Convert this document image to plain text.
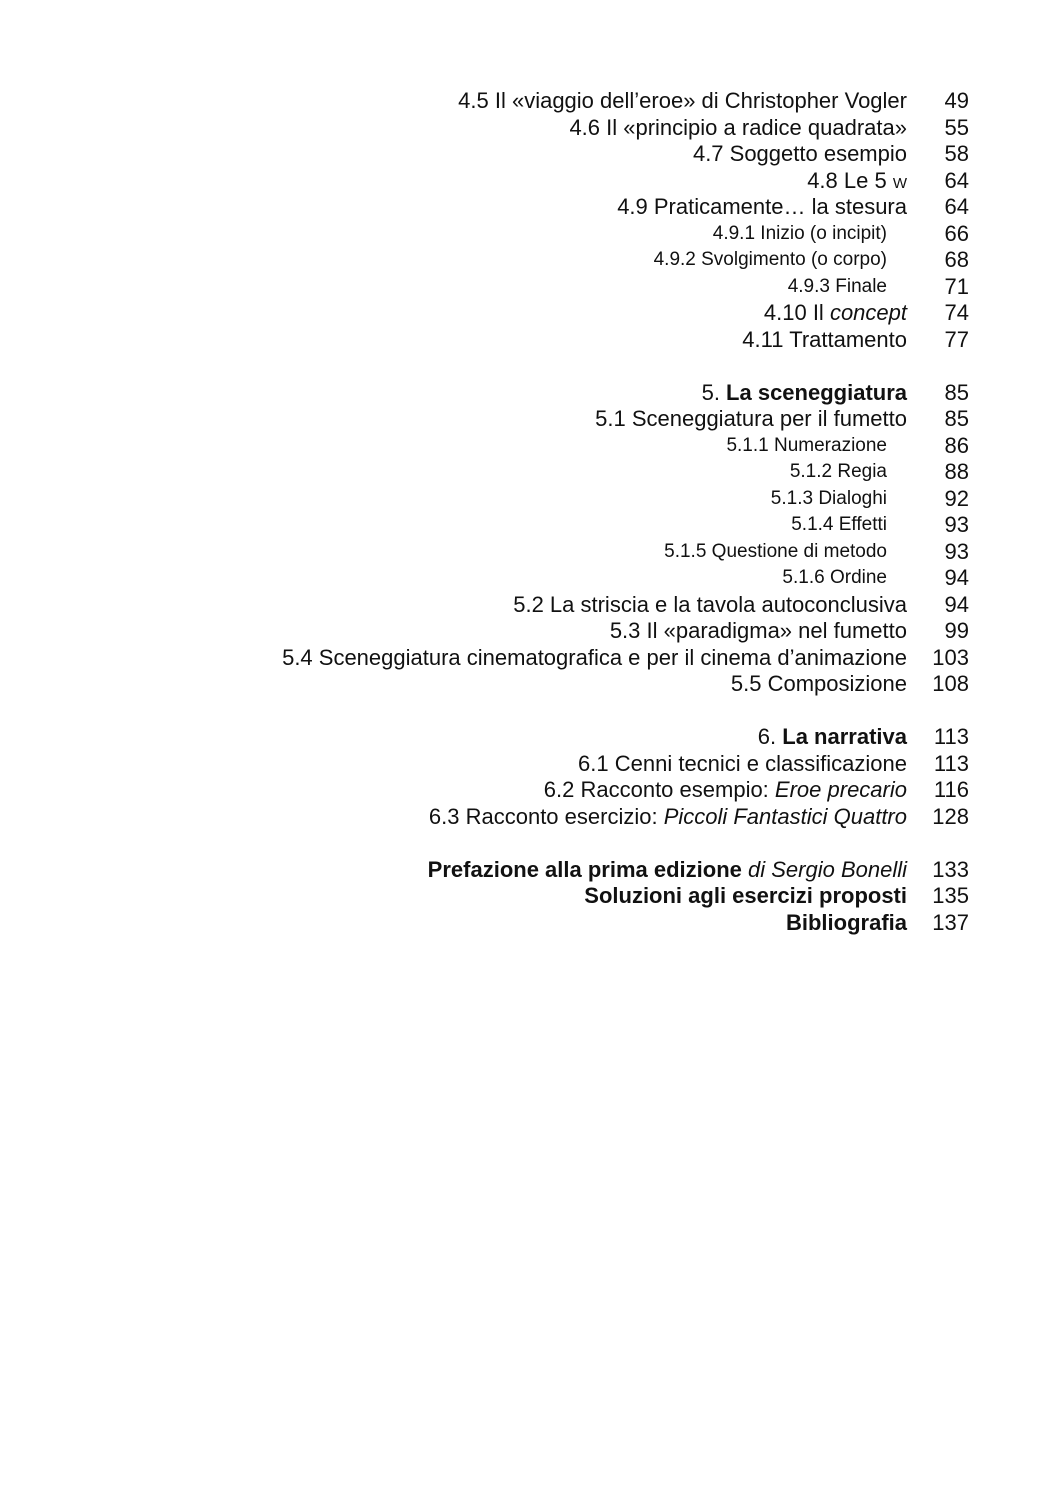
4.5 Il «viaggio dell’eroe» di Christopher Vogler 49
4.6 Il «principio a radice quadrata» 55
4.7 Soggetto esempio 58
4.8 Le 5 W 64
4.9 Praticamente… la stesura 64
4.9.1 Inizio (o incipit)	66
4.9.2 Svolgimento (o corpo)	68
4.9.3 Finale	71
4.10 Il concept 74
4.11 Trattamento 77
5. La sceneggiatura 85
5.1 Sceneggiatura per il fumetto 85
5.1.1 Numerazione	86
5.1.2 Regia	88
5.1.3 Dialoghi	92
5.1.4 Effetti	93
5.1.5 Questione di metodo	93
5.1.6 Ordine	94
5.2 La striscia e la tavola autoconclusiva 94
5.3 Il «paradigma» nel fumetto 99
5.4 Sceneggiatura cinematografica e per il cinema d’animazione 103
5.5 Composizione 108
6. La narrativa 113
6.1 Cenni tecnici e classificazione 113
6.2 Racconto esempio: Eroe precario 116
6.3 Racconto esercizio: Piccoli Fantastici Quattro 128
Prefazione alla prima edizione di Sergio Bonelli 133
Soluzioni agli esercizi proposti 135
Bibliografia 137
